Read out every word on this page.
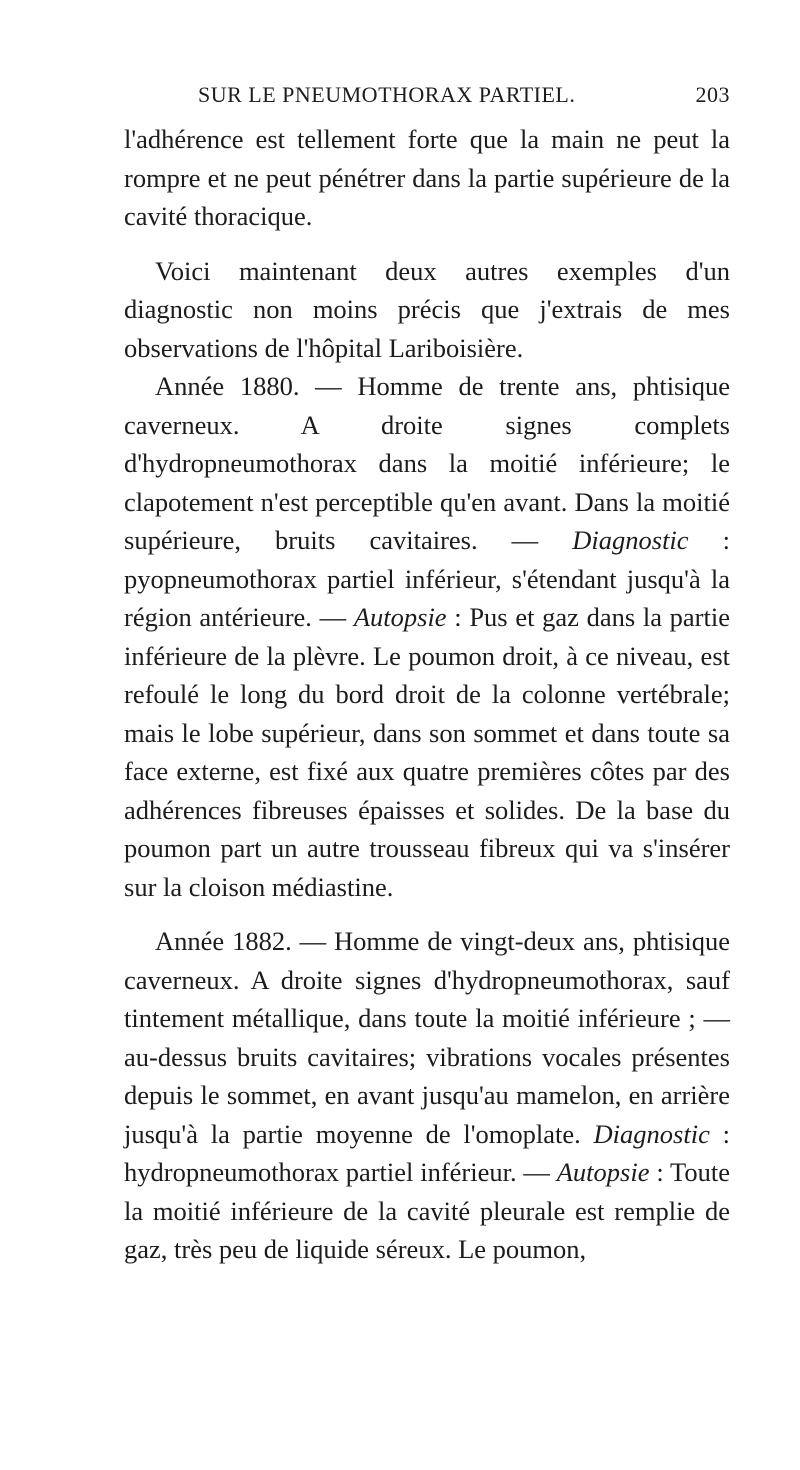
SUR LE PNEUMOTHORAX PARTIEL.	203

l'adhérence est tellement forte que la main ne peut la rompre et ne peut pénétrer dans la partie supérieure de la cavité thoracique.

Voici maintenant deux autres exemples d'un diagnostic non moins précis que j'extrais de mes observations de l'hôpital Lariboisière.

Année 1880. — Homme de trente ans, phtisique caverneux. A droite signes complets d'hydropneumothorax dans la moitié inférieure; le clapotement n'est perceptible qu'en avant. Dans la moitié supérieure, bruits cavitaires. — Diagnostic : pyopneumothorax partiel inférieur, s'étendant jusqu'à la région antérieure. — Autopsie : Pus et gaz dans la partie inférieure de la plèvre. Le poumon droit, à ce niveau, est refoulé le long du bord droit de la colonne vertébrale; mais le lobe supérieur, dans son sommet et dans toute sa face externe, est fixé aux quatre premières côtes par des adhérences fibreuses épaisses et solides. De la base du poumon part un autre trousseau fibreux qui va s'insérer sur la cloison médiastine.

Année 1882. — Homme de vingt-deux ans, phtisique caverneux. A droite signes d'hydropneumothorax, sauf tintement métallique, dans toute la moitié inférieure ; — au-dessus bruits cavitaires; vibrations vocales présentes depuis le sommet, en avant jusqu'au mamelon, en arrière jusqu'à la partie moyenne de l'omoplate. Diagnostic : hydropneumothorax partiel inférieur. — Autopsie : Toute la moitié inférieure de la cavité pleurale est remplie de gaz, très peu de liquide séreux. Le poumon,
